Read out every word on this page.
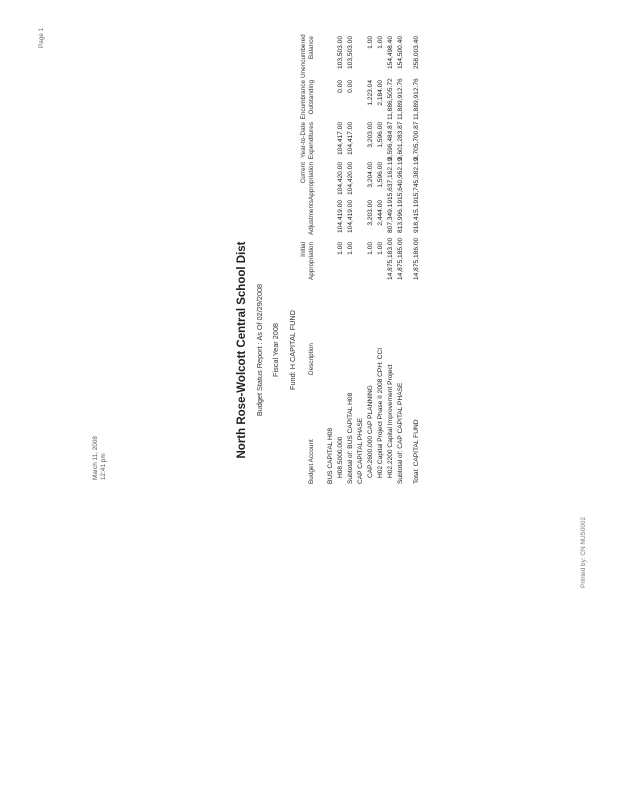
March 11, 2008 12:41 pm
Page 1
North Rose-Wolcott Central School Dist Budget Status Report : As Of 02/29/2008 Fiscal Year 2008 Fund: H CAPITAL FUND
Budget Account
Description
Initial Appropriation
Adjustments
Current Appropriation
Year-to-Date Expenditures
Encumbrance Outstanding
Unencumbered Balance
BUS CAPITAL H08 H08.5000.000
1.00
104,419.00
104,420.00
104,417.00
0.00
103,503.00
Subtotal of: BUS CAPITAL H08
1.00
104,419.00
104,420.00
104,417.00
0.00
103,503.00
CAP CAPITAL PHASE CAP.2600.000 CAP PLANNING
1.00
3,203.00
3,204.00
3,203.00
1,223.04
1.00
H02 Capital Project Phase II 2008 CPH: CCI
1.00
2,444.00
1,596.00
1,596.00
2,184.00
1.00
H02.2200 Capital Improvement Project
14,875,183.00
807,349.19
15,637,162.19
3,596,484.87
11,886,505.72
154,498.40
Subtotal of: CAP CAPITAL PHASE
14,875,185.00
813,996.19
15,640,962.19
3,601,283.87
11,889,912.76
154,500.40
Total: CAPITAL FUND
14,875,186.00
918,415.19
15,745,382.19
3,705,700.87
11,889,912.76
258,003.40
Printed by: CN NUS0002
